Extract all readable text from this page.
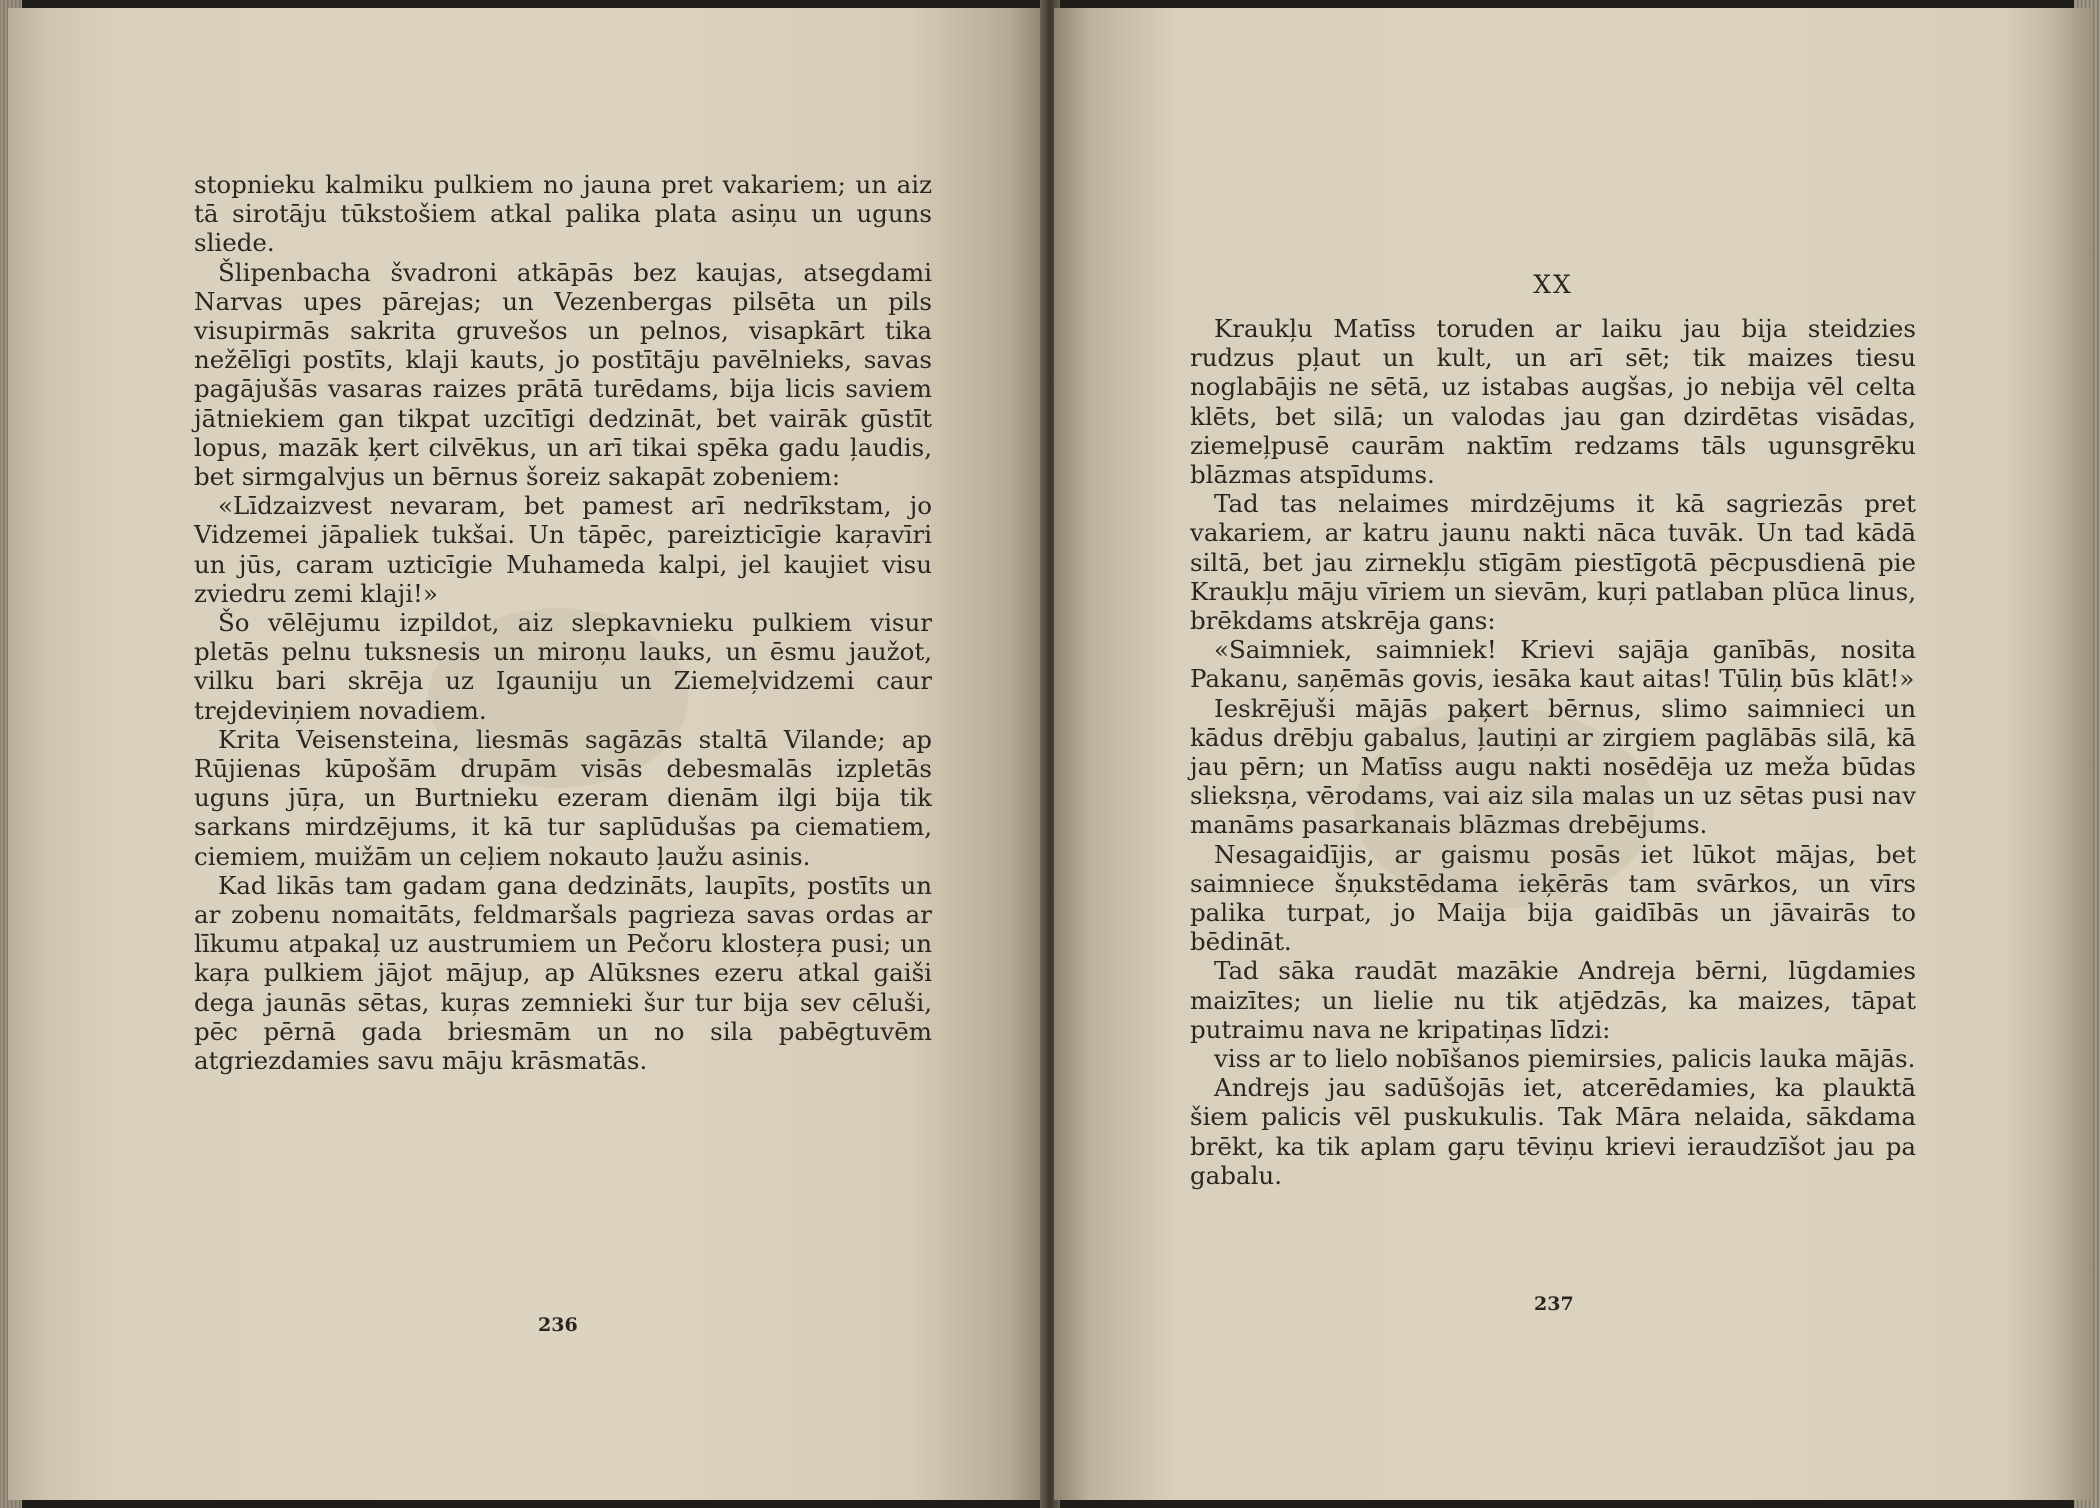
stopnieku kalmiku pulkiem no jauna pret vakariem; un aiz tā sirotāju tūkstošiem atkal palika plata asiņu un uguns sliede.

Šlipenbacha švadroni atkāpās bez kaujas, atsegdami Narvas upes pārejas; un Vezenbergas pilsēta un pils visupirmās sakrita gruvešos un pelnos, visapkārt tika nežēlīgi postīts, klaji kauts, jo postītāju pavēlnieks, savas pagājušās vasaras raizes prātā turēdams, bija licis saviem jātniekiem gan tikpat uzcītīgi dedzināt, bet vairāk gūstīt lopus, mazāk ķert cilvēkus, un arī tikai spēka gadu ļaudis, bet sirmgalvjus un bērnus šoreiz sakapāt zobeniem:

«Līdzaizvest nevaram, bet pamest arī nedrīkstam, jo Vidzemei jāpaliek tukšai. Un tāpēc, pareizticīgie kaŗavīri un jūs, caram uzticīgie Muhameda kalpi, jel kaujiet visu zviedru zemi klaji!»

Šo vēlējumu izpildot, aiz slepkavnieku pulkiem visur pletās pelnu tuksnesis un miroņu lauks, un ēsmu jaužot, vilku bari skrēja uz Igauniju un Ziemeļvidzemi caur trejdeviņiem novadiem.

Krita Veisensteina, liesmās sagāzās staltā Vilande; ap Rūjienas kūpošām drupām visās debesmalās izpletās uguns jūŗa, un Burtnieku ezeram dienām ilgi bija tik sarkans mirdzējums, it kā tur saplūdušas pa ciematiem, ciemiem, muižām un ceļiem nokauto ļaužu asinis.

Kad likās tam gadam gana dedzināts, laupīts, postīts un ar zobenu nomaitāts, feldmaršals pagrieza savas ordas ar līkumu atpakaļ uz austrumiem un Pečoru klosteŗa pusi; un kaŗa pulkiem jājot mājup, ap Alūksnes ezeru atkal gaiši dega jaunās sētas, kuŗas zemnieki šur tur bija sev cēluši, pēc pērnā gada briesmām un no sila pabēgtuvēm atgriezdamies savu māju krāsmatās.

236
XX

Kraukļu Matīss toruden ar laiku jau bija steidzies rudzus pļaut un kult, un arī sēt; tik maizes tiesu noglabājis ne sētā, uz istabas augšas, jo nebija vēl celta klēts, bet silā; un valodas jau gan dzirdētas visādas, ziemeļpusē caurām naktīm redzams tāls ugunsgrēku blāzmas atspīdums.

Tad tas nelaimes mirdzējums it kā sagriezās pret vakariem, ar katru jaunu nakti nāca tuvāk. Un tad kādā siltā, bet jau zirnekļu stīgām piestīgotā pēcpusdienā pie Kraukļu māju vīriem un sievām, kuŗi patlaban plūca linus, brēkdams atskrēja gans:

«Saimniek, saimniek! Krievi sajāja ganībās, nosita Pakanu, saņēmās govis, iesāka kaut aitas! Tūliņ būs klāt!»

Ieskrējuši mājās paķert bērnus, slimo saimnieci un kādus drēbju gabalus, ļautiņi ar zirgiem paglābās silā, kā jau pērn; un Matīss augu nakti nosēdēja uz meža būdas slieksņa, vērodams, vai aiz sila malas un uz sētas pusi nav manāms pasarkanais blāzmas drebējums.

Nesagaidījis, ar gaismu posās iet lūkot mājas, bet saimniece šņukstēdama ieķērās tam svārkos, un vīrs palika turpat, jo Maija bija gaidībās un jāvairās to bēdināt.

Tad sāka raudāt mazākie Andreja bērni, lūgdamies maizītes; un lielie nu tik atjēdzās, ka maizes, tāpat putraimu nava ne kripatiņas līdzi:

viss ar to lielo nobīšanos piemirsies, palicis lauka mājās.

Andrejs jau sadūšojās iet, atcerēdamies, ka plauktā šiem palicis vēl puskukulis. Tak Māra nelaida, sākdama brēkt, ka tik aplam gaŗu tēviņu krievi ieraudzīšot jau pa gabalu.

237
